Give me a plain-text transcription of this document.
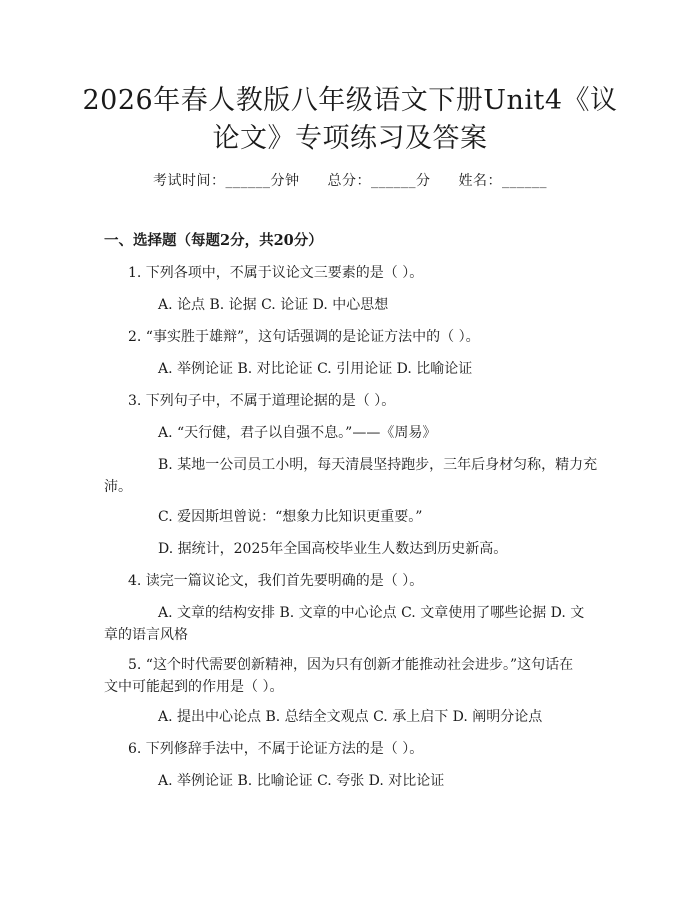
2026年春人教版八年级语文下册Unit4《议
论文》专项练习及答案
考试时间：______分钟 总分：______分 姓名：______
一、选择题（每题2分，共20分）
1. 下列各项中，不属于议论文三要素的是（ ）。
A. 论点 B. 论据 C. 论证 D. 中心思想
2. “事实胜于雄辩”，这句话强调的是论证方法中的（ ）。
A. 举例论证 B. 对比论证 C. 引用论证 D. 比喻论证
3. 下列句子中，不属于道理论据的是（ ）。
A. “天行健，君子以自强不息。”——《周易》
B. 某地一公司员工小明，每天清晨坚持跑步，三年后身材匀称，精力充
沛。
C. 爱因斯坦曾说：“想象力比知识更重要。”
D. 据统计，2025年全国高校毕业生人数达到历史新高。
4. 读完一篇议论文，我们首先要明确的是（ ）。
A. 文章的结构安排 B. 文章的中心论点 C. 文章使用了哪些论据 D. 文
章的语言风格
5. “这个时代需要创新精神，因为只有创新才能推动社会进步。”这句话在
文中可能起到的作用是（ ）。
A. 提出中心论点 B. 总结全文观点 C. 承上启下 D. 阐明分论点
6. 下列修辞手法中，不属于论证方法的是（ ）。
A. 举例论证 B. 比喻论证 C. 夸张 D. 对比论证
